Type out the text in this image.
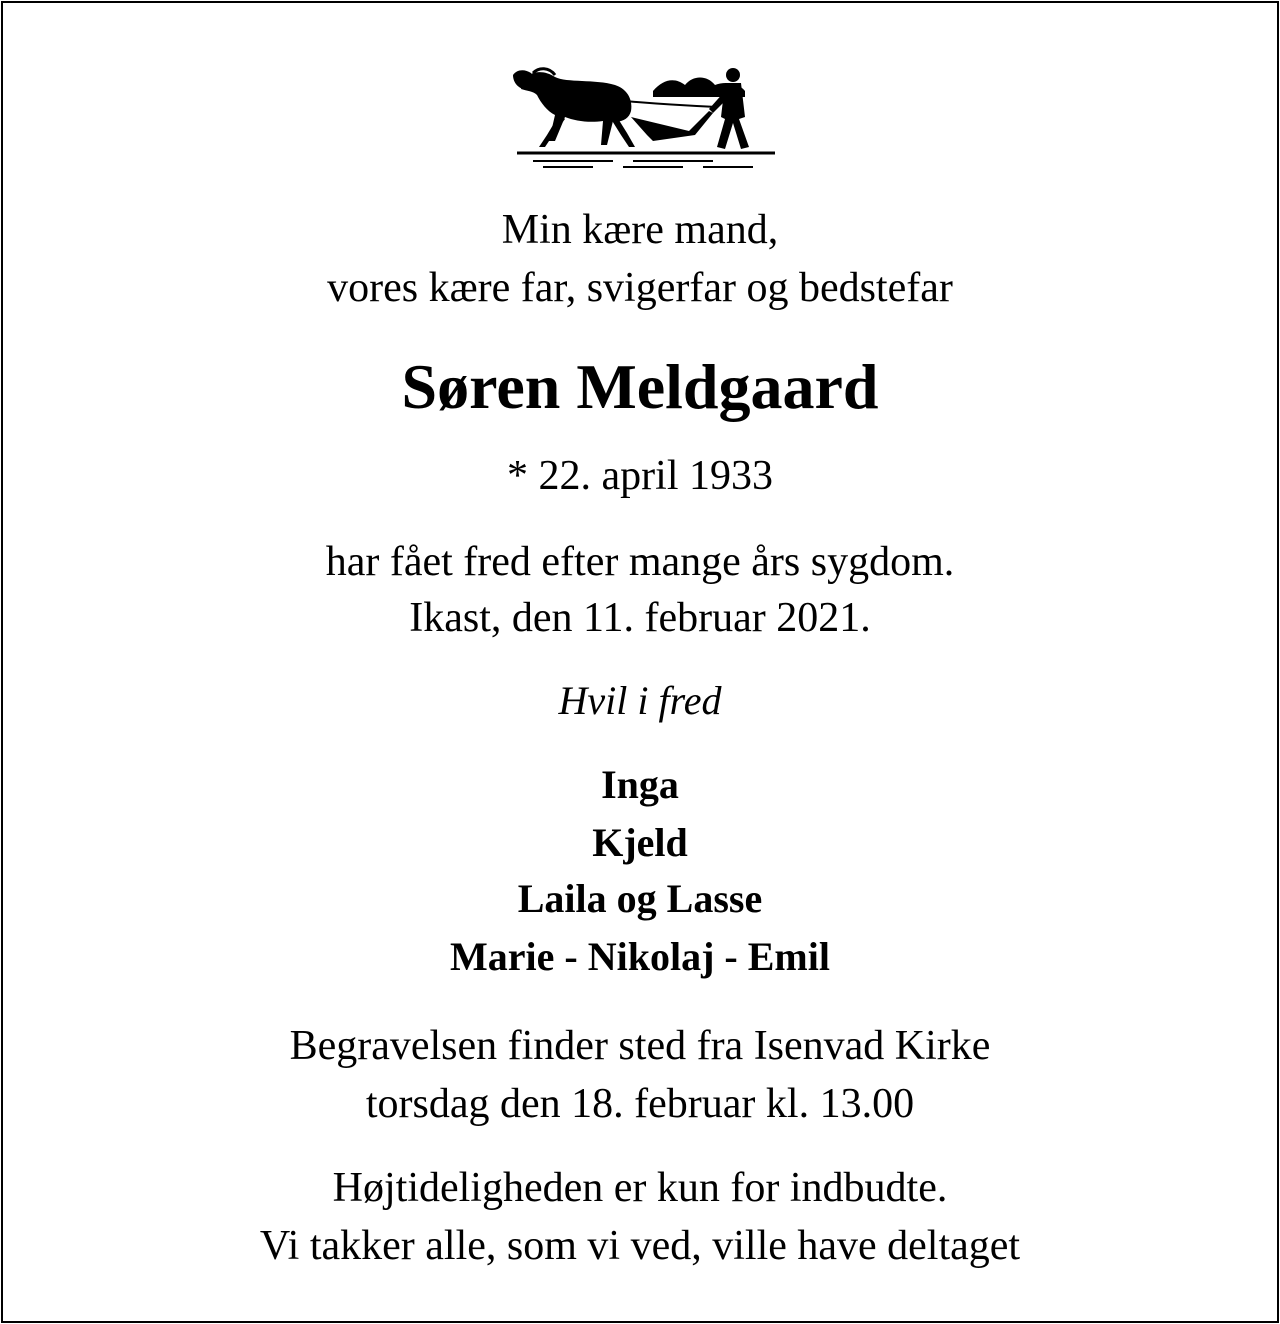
Min kære mand,
vores kære far, svigerfar og bedstefar
Søren Meldgaard
* 22. april 1933
har fået fred efter mange års sygdom.
Ikast, den 11. februar 2021.
Hvil i fred
Inga
Kjeld
Laila og Lasse
Marie - Nikolaj - Emil
Begravelsen finder sted fra Isenvad Kirke
torsdag den 18. februar kl. 13.00
Højtideligheden er kun for indbudte.
Vi takker alle, som vi ved, ville have deltaget
